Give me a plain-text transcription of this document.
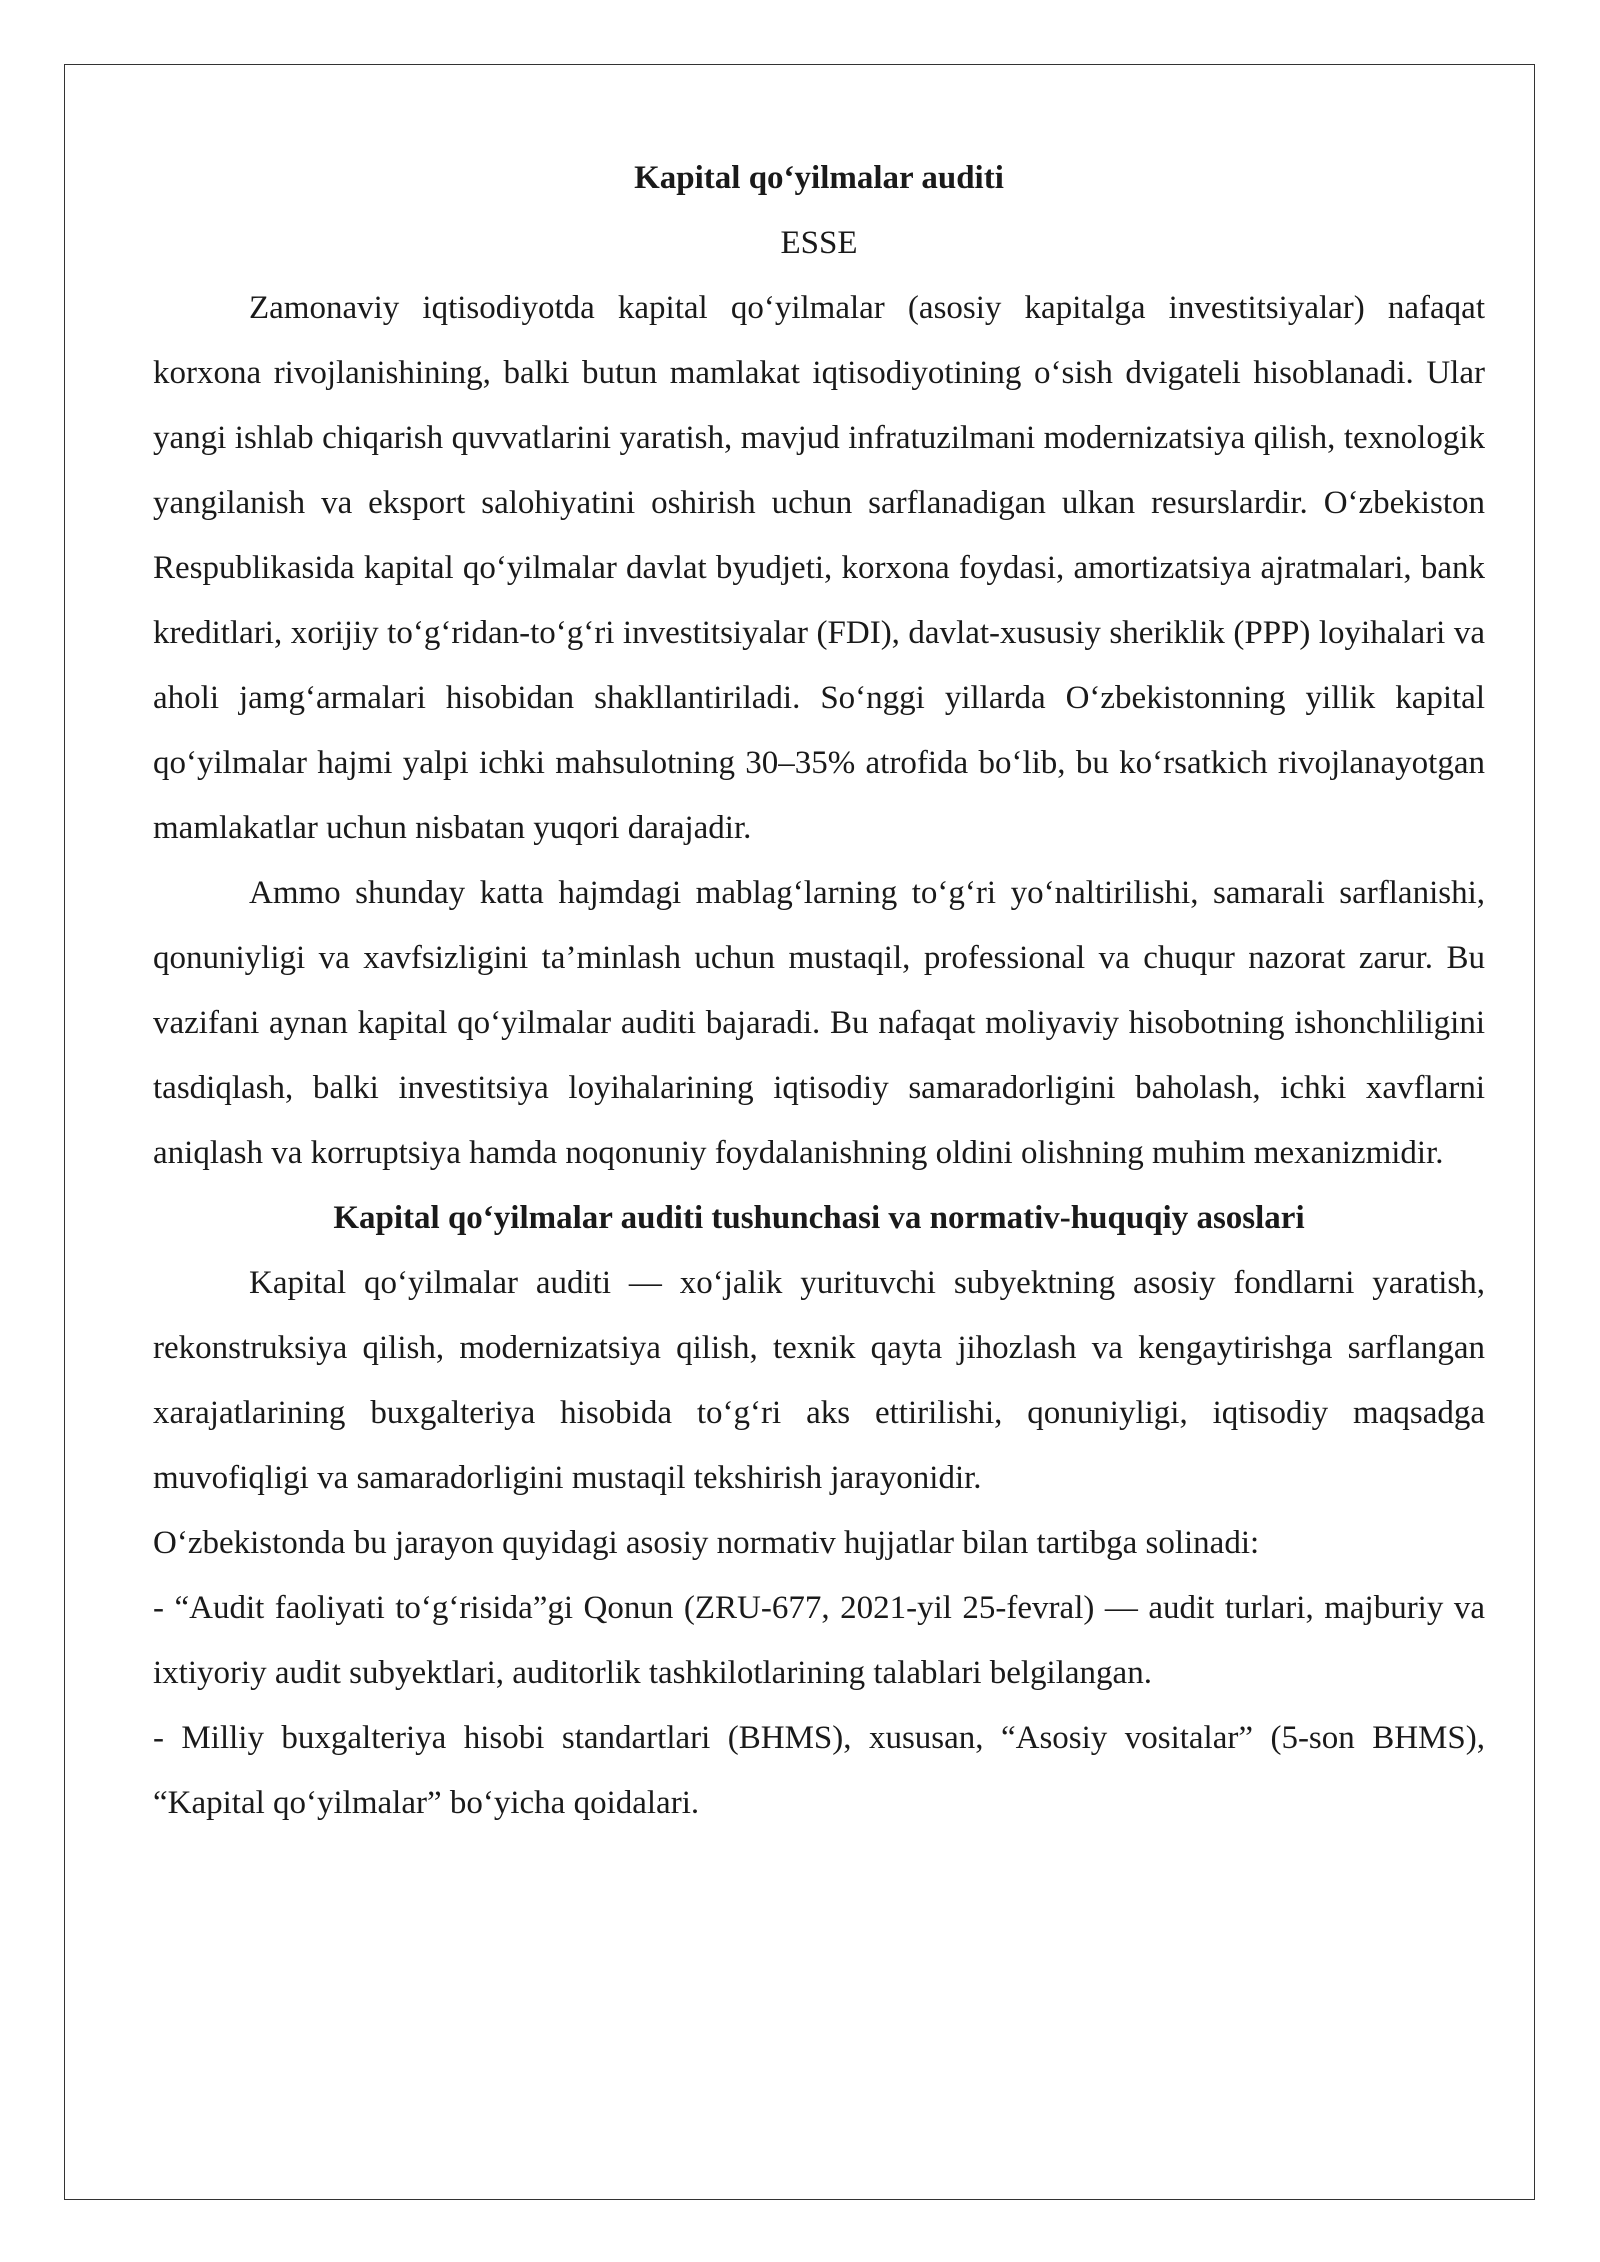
Kapital qo‘yilmalar auditi

ESSE

Zamonaviy iqtisodiyotda kapital qo‘yilmalar (asosiy kapitalga investitsiyalar) nafaqat korxona rivojlanishining, balki butun mamlakat iqtisodiyotining o‘sish dvigateli hisoblanadi. Ular yangi ishlab chiqarish quvvatlarini yaratish, mavjud infratuzilmani modernizatsiya qilish, texnologik yangilanish va eksport salohiyatini oshirish uchun sarflanadigan ulkan resurslardir. O‘zbekiston Respublikasida kapital qo‘yilmalar davlat byudjeti, korxona foydasi, amortizatsiya ajratmalari, bank kreditlari, xorijiy to‘g‘ridan-to‘g‘ri investitsiyalar (FDI), davlat-xususiy sheriklik (PPP) loyihalari va aholi jamg‘armalari hisobidan shakllantiriladi. So‘nggi yillarda O‘zbekistonning yillik kapital qo‘yilmalar hajmi yalpi ichki mahsulotning 30–35% atrofida bo‘lib, bu ko‘rsatkich rivojlanayotgan mamlakatlar uchun nisbatan yuqori darajadir.

Ammo shunday katta hajmdagi mablag‘larning to‘g‘ri yo‘naltirilishi, samarali sarflanishi, qonuniyligi va xavfsizligini ta’minlash uchun mustaqil, professional va chuqur nazorat zarur. Bu vazifani aynan kapital qo‘yilmalar auditi bajaradi. Bu nafaqat moliyaviy hisobotning ishonchliligini tasdiqlash, balki investitsiya loyihalarining iqtisodiy samaradorligini baholash, ichki xavflarni aniqlash va korruptsiya hamda noqonuniy foydalanishning oldini olishning muhim mexanizmidir.

Kapital qo‘yilmalar auditi tushunchasi va normativ-huquqiy asoslari

Kapital qo‘yilmalar auditi — xo‘jalik yurituvchi subyektning asosiy fondlarni yaratish, rekonstruksiya qilish, modernizatsiya qilish, texnik qayta jihozlash va kengaytirishga sarflangan xarajatlarining buxgalteriya hisobida to‘g‘ri aks ettirilishi, qonuniyligi, iqtisodiy maqsadga muvofiqligi va samaradorligini mustaqil tekshirish jarayonidir.

O‘zbekistonda bu jarayon quyidagi asosiy normativ hujjatlar bilan tartibga solinadi:

- “Audit faoliyati to‘g‘risida”gi Qonun (ZRU-677, 2021-yil 25-fevral) — audit turlari, majburiy va ixtiyoriy audit subyektlari, auditorlik tashkilotlarining talablari belgilangan.

- Milliy buxgalteriya hisobi standartlari (BHMS), xususan, “Asosiy vositalar” (5-son BHMS), “Kapital qo‘yilmalar” bo‘yicha qoidalari.
